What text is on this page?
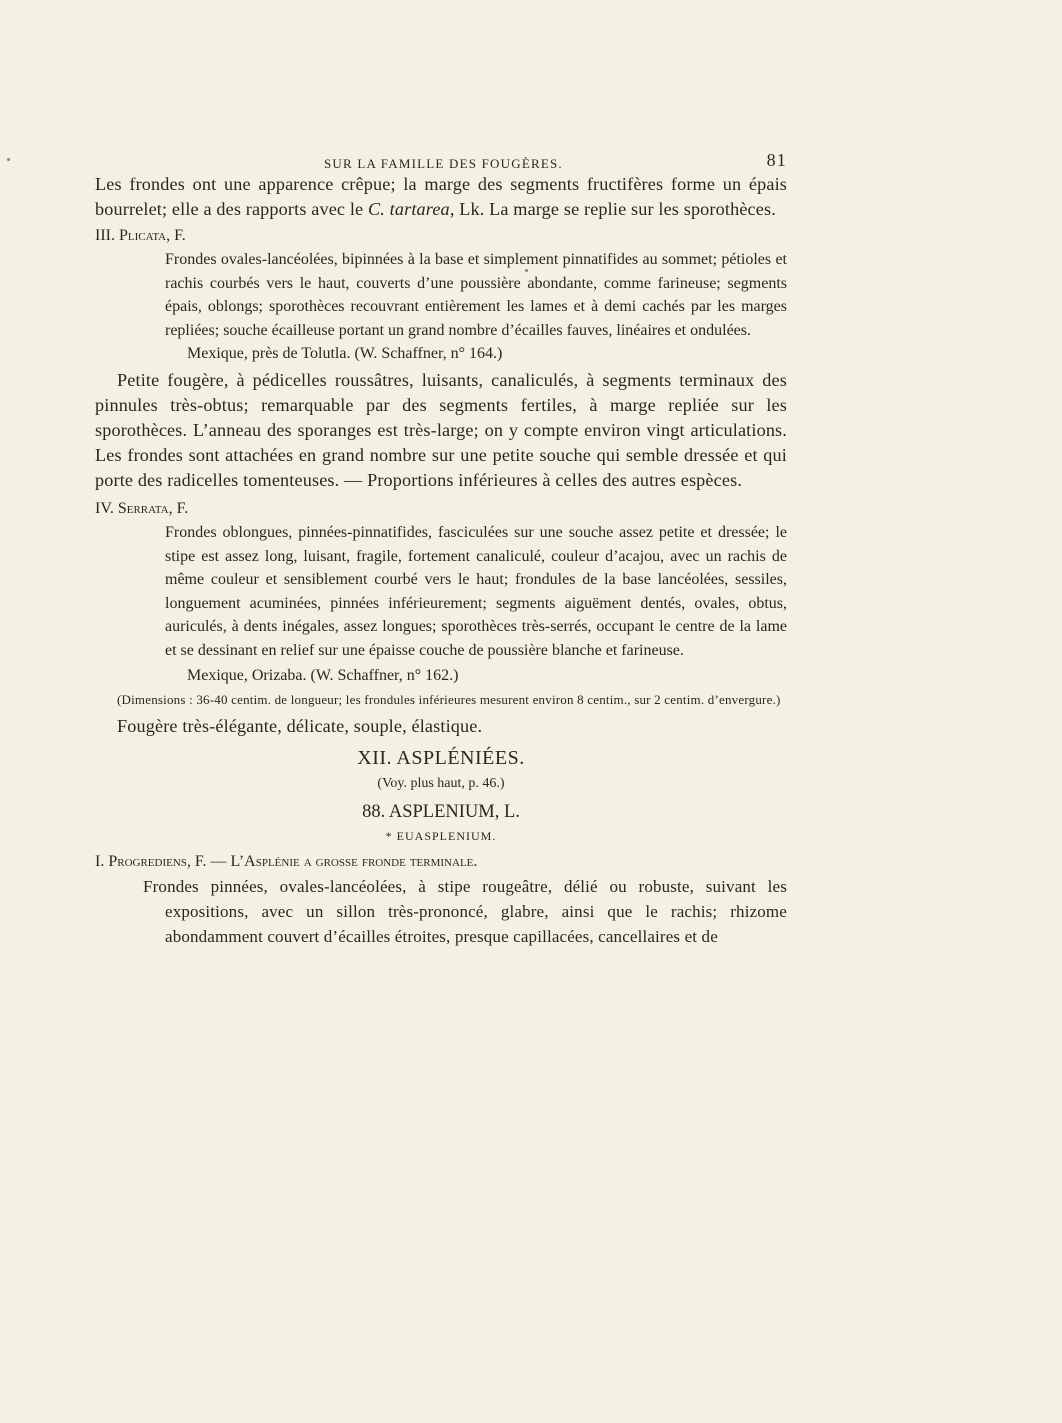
SUR LA FAMILLE DES FOUGÈRES.	81

Les frondes ont une apparence crêpue; la marge des segments fructifères forme un épais bourrelet; elle a des rapports avec le C. tartarea, Lk. La marge se replie sur les sporothèces.

III. Plicata, F.

Frondes ovales-lancéolées, bipinnées à la base et simplement pinnatifides au sommet; pétioles et rachis courbés vers le haut, couverts d’une poussière abondante, comme farineuse; segments épais, oblongs; sporothèces recouvrant entièrement les lames et à demi cachés par les marges repliées; souche écailleuse portant un grand nombre d’écailles fauves, linéaires et ondulées.

Mexique, près de Tolutla. (W. Schaffner, n° 164.)

Petite fougère, à pédicelles roussâtres, luisants, canaliculés, à segments terminaux des pinnules très-obtus; remarquable par des segments fertiles, à marge repliée sur les sporothèces. L’anneau des sporanges est très-large; on y compte environ vingt articulations. Les frondes sont attachées en grand nombre sur une petite souche qui semble dressée et qui porte des radicelles tomenteuses. — Proportions inférieures à celles des autres espèces.

IV. Serrata, F.

Frondes oblongues, pinnées-pinnatifides, fasciculées sur une souche assez petite et dressée; le stipe est assez long, luisant, fragile, fortement canaliculé, couleur d’acajou, avec un rachis de même couleur et sensiblement courbé vers le haut; frondules de la base lancéolées, sessiles, longuement acuminées, pinnées inférieurement; segments aiguëment dentés, ovales, obtus, auriculés, à dents inégales, assez longues; sporothèces très-serrés, occupant le centre de la lame et se dessinant en relief sur une épaisse couche de poussière blanche et farineuse.

Mexique, Orizaba. (W. Schaffner, n° 162.)

(Dimensions : 36-40 centim. de longueur; les frondules inférieures mesurent environ 8 centim., sur 2 centim. d’envergure.)

Fougère très-élégante, délicate, souple, élastique.

XII. ASPLÉNIÉES.

(Voy. plus haut, p. 46.)

88. ASPLENIUM, L.

* EUASPLENIUM.

I. Progrediens, F. — L’Asplénie a grosse fronde terminale.

Frondes pinnées, ovales-lancéolées, à stipe rougeâtre, délié ou robuste, suivant les expositions, avec un sillon très-prononcé, glabre, ainsi que le rachis; rhizome abondamment couvert d’écailles étroites, presque capillacées, cancellaires et de
